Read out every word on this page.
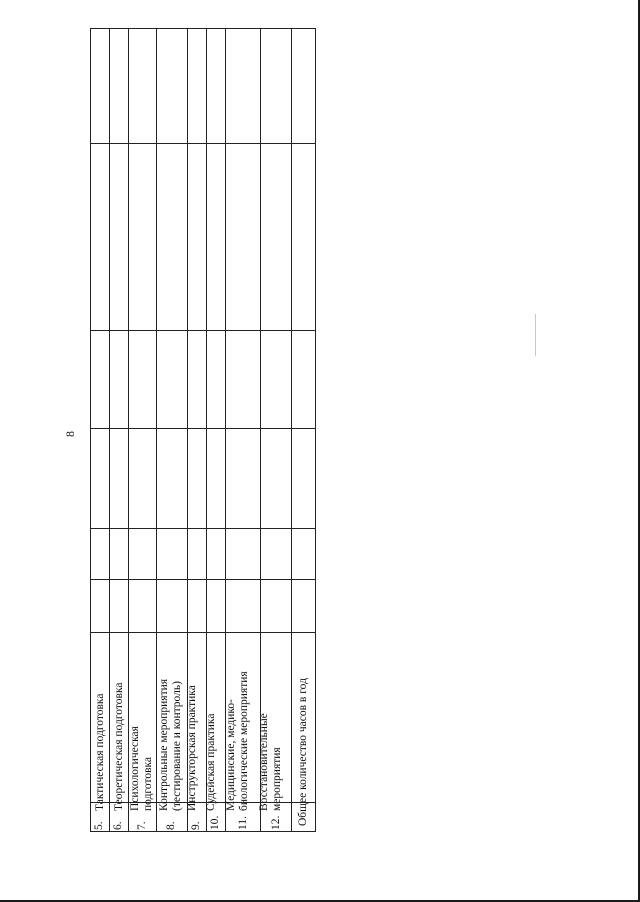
8
Тактическая подготовка
5.
Теоретическая подготовка
6.
Психологическая подготовка
7.
Контрольные мероприятия (тестирование и контроль)
8.
Инструкторская практика
9.
Судейская практика
10.
Медицинские, медико- биологические мероприятия
11.
Восстановительные мероприятия
12. Общее количество часов в год
